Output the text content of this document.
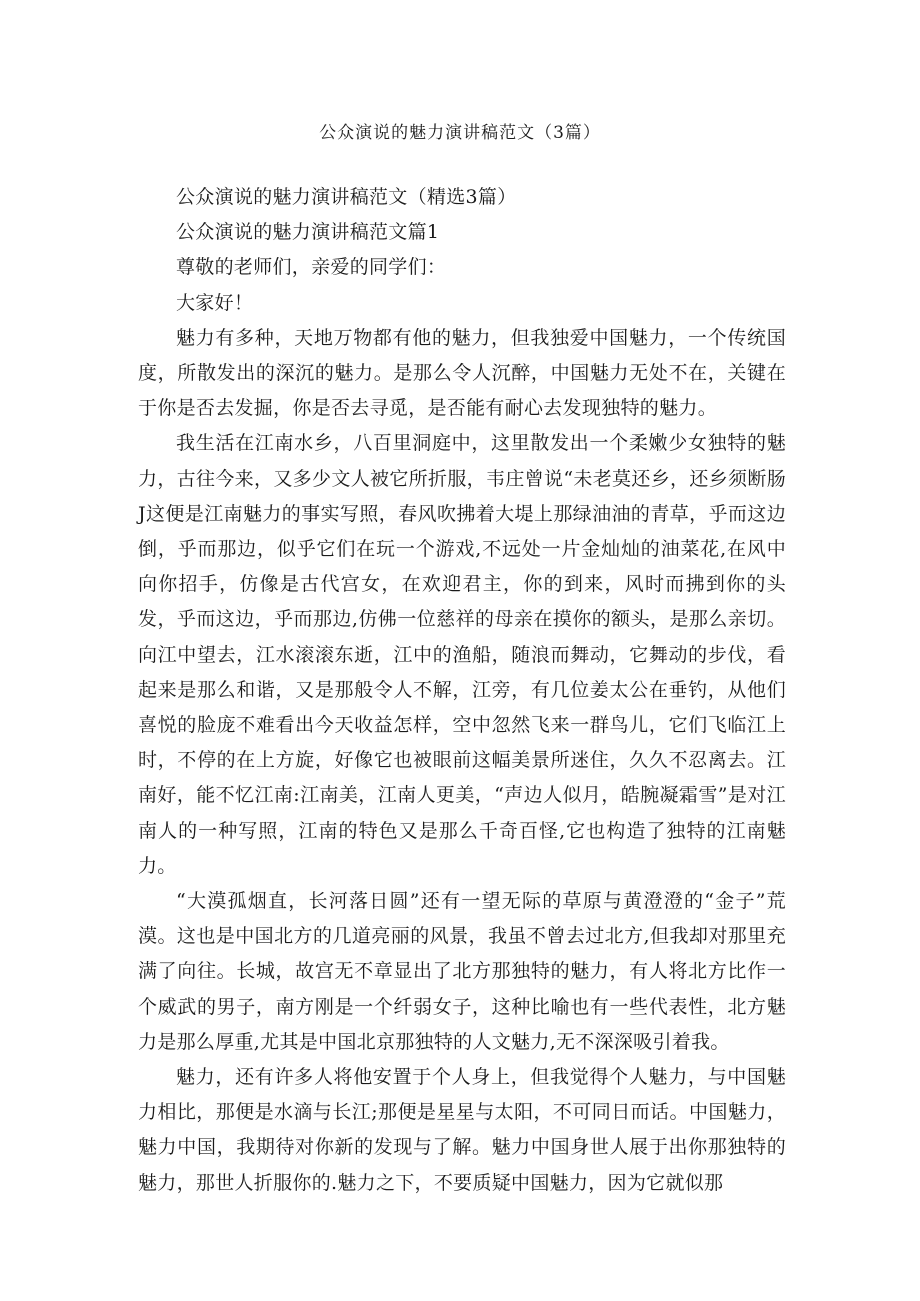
公众演说的魅力演讲稿范文（3篇）

公众演说的魅力演讲稿范文（精选3篇）

公众演说的魅力演讲稿范文篇1

尊敬的老师们，亲爱的同学们：

大家好！

魅力有多种，天地万物都有他的魅力，但我独爱中国魅力，一个传统国度，所散发出的深沉的魅力。是那么令人沉醉，中国魅力无处不在，关键在于你是否去发掘，你是否去寻觅，是否能有耐心去发现独特的魅力。

我生活在江南水乡，八百里洞庭中，这里散发出一个柔嫩少女独特的魅力，古往今来，又多少文人被它所折服，韦庄曾说“未老莫还乡，还乡须断肠J这便是江南魅力的事实写照，春风吹拂着大堤上那绿油油的青草，乎而这边倒，乎而那边，似乎它们在玩一个游戏,不远处一片金灿灿的油菜花,在风中向你招手，仿像是古代宫女，在欢迎君主，你的到来，风时而拂到你的头发，乎而这边，乎而那边,仿佛一位慈祥的母亲在摸你的额头，是那么亲切。向江中望去，江水滚滚东逝，江中的渔船，随浪而舞动，它舞动的步伐，看起来是那么和谐，又是那般令人不解，江旁，有几位姜太公在垂钓，从他们喜悦的脸庞不难看出今天收益怎样，空中忽然飞来一群鸟儿，它们飞临江上时，不停的在上方旋，好像它也被眼前这幅美景所迷住，久久不忍离去。江南好，能不忆江南:江南美，江南人更美，“声边人似月，皓腕凝霜雪”是对江南人的一种写照，江南的特色又是那么千奇百怪,它也构造了独特的江南魅力。

“大漠孤烟直，长河落日圆”还有一望无际的草原与黄澄澄的“金子”荒漠。这也是中国北方的几道亮丽的风景，我虽不曾去过北方,但我却对那里充满了向往。长城，故宫无不章显出了北方那独特的魅力，有人将北方比作一个威武的男子，南方刚是一个纤弱女子，这种比喻也有一些代表性，北方魅力是那么厚重,尤其是中国北京那独特的人文魅力,无不深深吸引着我。

魅力，还有许多人将他安置于个人身上，但我觉得个人魅力，与中国魅力相比，那便是水滴与长江;那便是星星与太阳，不可同日而话。中国魅力，魅力中国，我期待对你新的发现与了解。魅力中国身世人展于出你那独特的魅力，那世人折服你的.魅力之下，不要质疑中国魅力，因为它就似那
